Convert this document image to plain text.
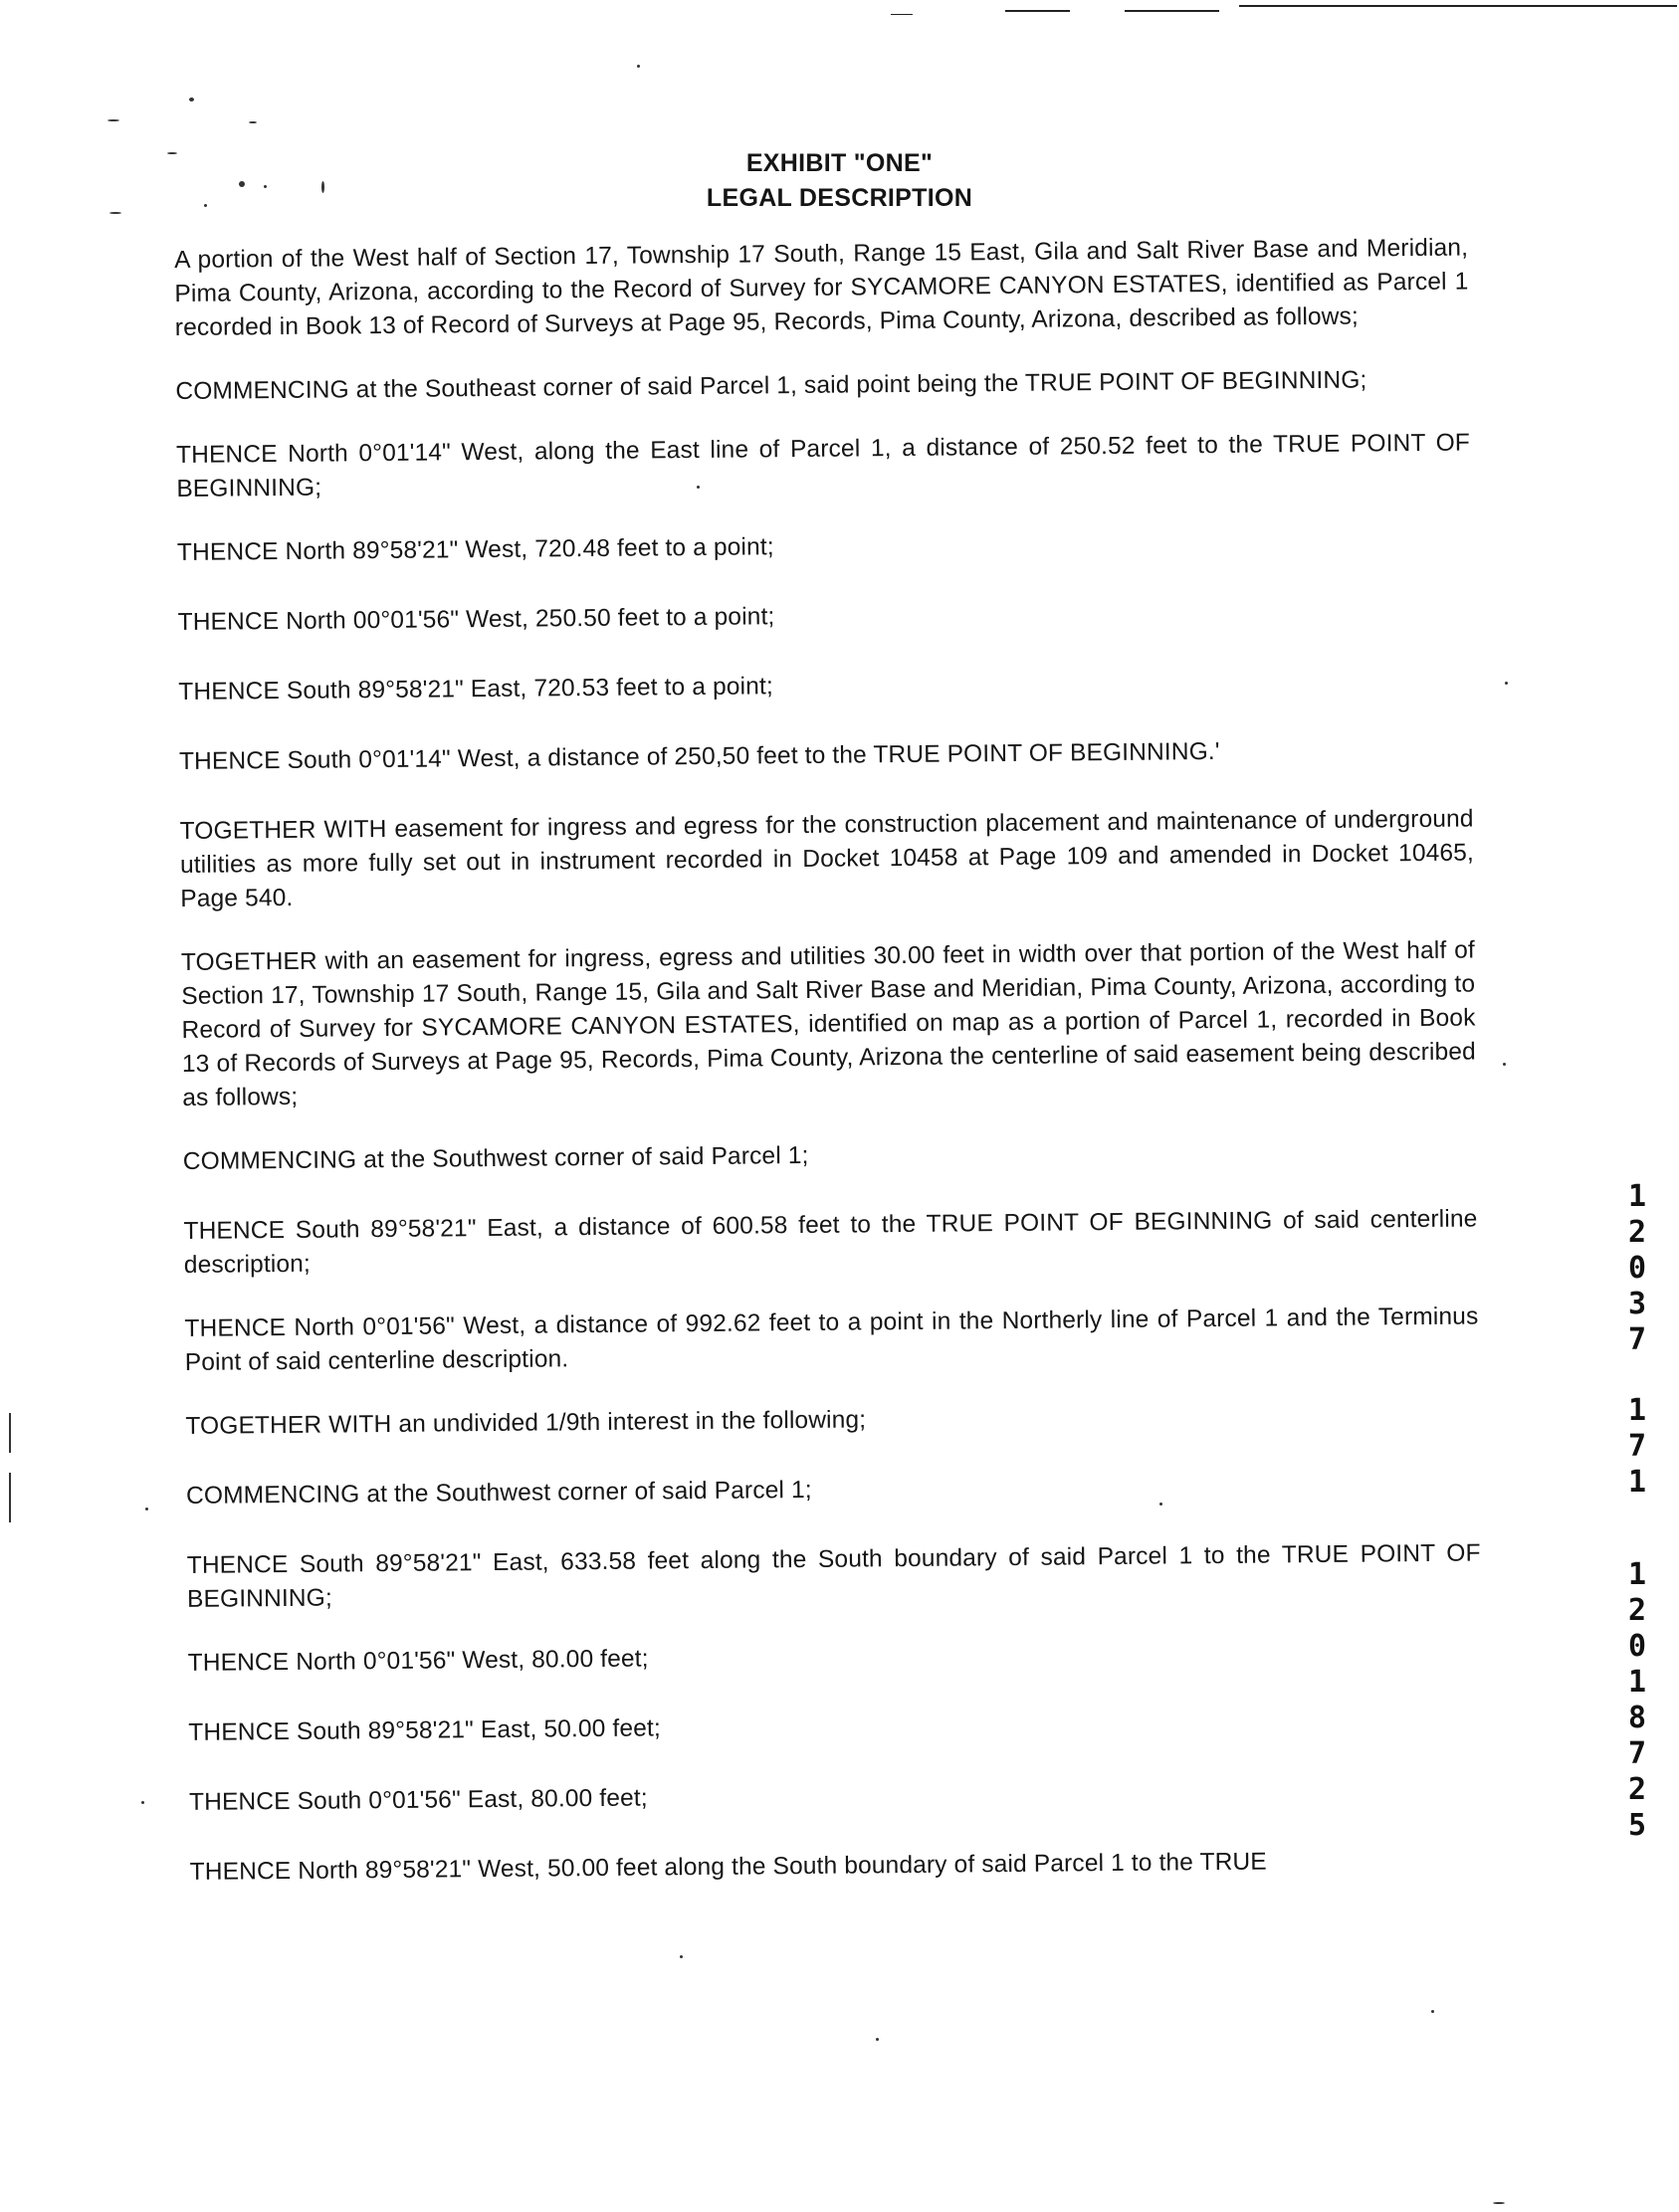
EXHIBIT "ONE"
LEGAL DESCRIPTION

A portion of the West half of Section 17, Township 17 South, Range 15 East, Gila and Salt River Base and Meridian, Pima County, Arizona, according to the Record of Survey for SYCAMORE CANYON ESTATES, identified as Parcel 1 recorded in Book 13 of Record of Surveys at Page 95, Records, Pima County, Arizona, described as follows;

COMMENCING at the Southeast corner of said Parcel 1, said point being the TRUE POINT OF BEGINNING;

THENCE North 0°01'14" West, along the East line of Parcel 1, a distance of 250.52 feet to the TRUE POINT OF BEGINNING;

THENCE North 89°58'21" West, 720.48 feet to a point;

THENCE North 00°01'56" West, 250.50 feet to a point;

THENCE South 89°58'21" East, 720.53 feet to a point;

THENCE South 0°01'14" West, a distance of 250,50 feet to the TRUE POINT OF BEGINNING.'

TOGETHER WITH easement for ingress and egress for the construction placement and maintenance of underground utilities as more fully set out in instrument recorded in Docket 10458 at Page 109 and amended in Docket 10465, Page 540.

TOGETHER with an easement for ingress, egress and utilities 30.00 feet in width over that portion of the West half of Section 17, Township 17 South, Range 15, Gila and Salt River Base and Meridian, Pima County, Arizona, according to Record of Survey for SYCAMORE CANYON ESTATES, identified on map as a portion of Parcel 1, recorded in Book 13 of Records of Surveys at Page 95, Records, Pima County, Arizona the centerline of said easement being described as follows;

COMMENCING at the Southwest corner of said Parcel 1;

THENCE South 89°58'21" East, a distance of 600.58 feet to the TRUE POINT OF BEGINNING of said centerline description;

THENCE North 0°01'56" West, a distance of 992.62 feet to a point in the Northerly line of Parcel 1 and the Terminus Point of said centerline description.

TOGETHER WITH an undivided 1/9th interest in the following;

COMMENCING at the Southwest corner of said Parcel 1;

THENCE South 89°58'21" East, 633.58 feet along the South boundary of said Parcel 1 to the TRUE POINT OF BEGINNING;

THENCE North 0°01'56" West, 80.00 feet;

THENCE South 89°58'21" East, 50.00 feet;

THENCE South 0°01'56" East, 80.00 feet;

THENCE North 89°58'21" West, 50.00 feet along the South boundary of said Parcel 1 to the TRUE

1
2
0
3
7
1
7
1
1
2
0
1
8
7
2
5
